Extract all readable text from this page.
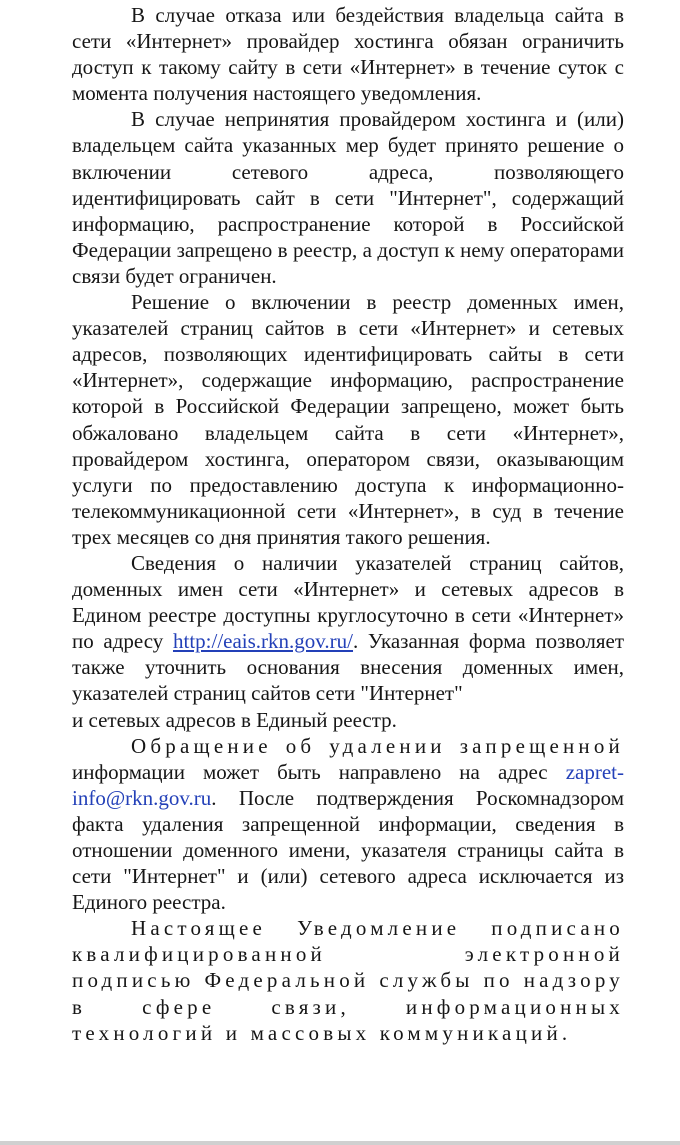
В случае отказа или бездействия владельца сайта в сети «Интернет» провайдер хостинга обязан ограничить доступ к такому сайту в сети «Интернет» в течение суток с момента получения настоящего уведомления.

В случае непринятия провайдером хостинга и (или) владельцем сайта указанных мер будет принято решение о включении сетевого адреса, позволяющего идентифицировать сайт в сети "Интернет", содержащий информацию, распространение которой в Российской Федерации запрещено в реестр, а доступ к нему операторами связи будет ограничен.

Решение о включении в реестр доменных имен, указателей страниц сайтов в сети «Интернет» и сетевых адресов, позволяющих идентифицировать сайты в сети «Интернет», содержащие информацию, распространение которой в Российской Федерации запрещено, может быть обжаловано владельцем сайта в сети «Интернет», провайдером хостинга, оператором связи, оказывающим услуги по предоставлению доступа к информационно-телекоммуникационной сети «Интернет», в суд в течение трех месяцев со дня принятия такого решения.

Сведения о наличии указателей страниц сайтов, доменных имен сети «Интернет» и сетевых адресов в Едином реестре доступны круглосуточно в сети «Интернет» по адресу http://eais.rkn.gov.ru/. Указанная форма позволяет также уточнить основания внесения доменных имен, указателей страниц сайтов сети "Интернет"

и сетевых адресов в Единый реестр.

Обращение об удалении запрещенной информации может быть направлено на адрес zapret-info@rkn.gov.ru. После подтверждения Роскомнадзором факта удаления запрещенной информации, сведения в отношении доменного имени, указателя страницы сайта в сети "Интернет" и (или) сетевого адреса исключается из Единого реестра.

Настоящее Уведомление подписано квалифицированной электронной подписью Федеральной службы по надзору в сфере связи, информационных технологий и массовых коммуникаций.
